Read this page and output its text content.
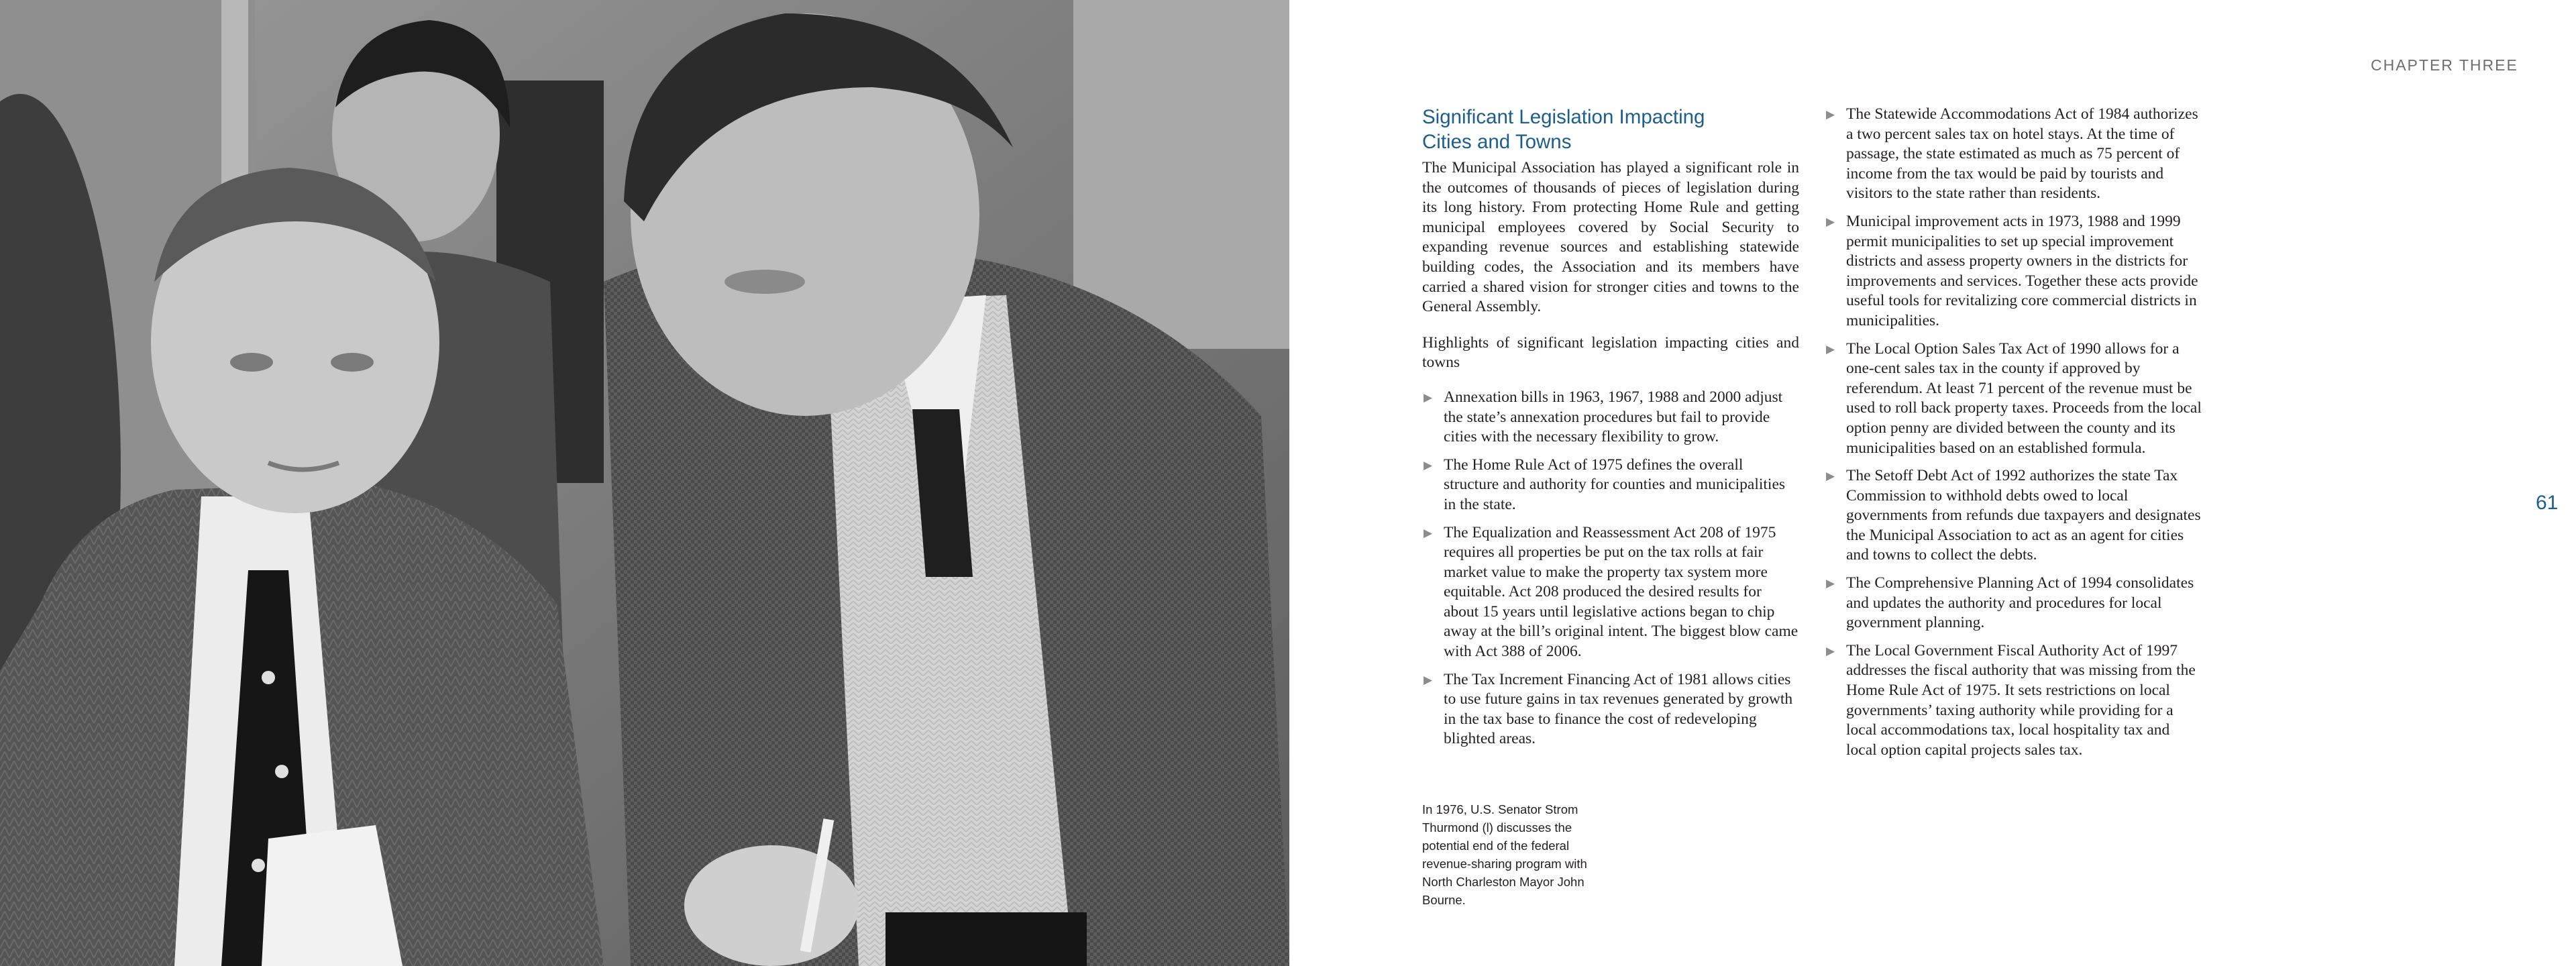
CHAPTER THREE
61
Significant Legislation Impacting Cities and Towns

The Municipal Association has played a significant role in the outcomes of thousands of pieces of legislation during its long history. From protecting Home Rule and getting municipal employees covered by Social Security to expanding revenue sources and establishing statewide building codes, the Association and its members have carried a shared vision for stronger cities and towns to the General Assembly.

Highlights of significant legislation impacting cities and towns

▶ Annexation bills in 1963, 1967, 1988 and 2000 adjust the state’s annexation procedures but fail to provide cities with the necessary flexibility to grow.
▶ The Home Rule Act of 1975 defines the overall structure and authority for counties and municipalities in the state.
▶ The Equalization and Reassessment Act 208 of 1975 requires all properties be put on the tax rolls at fair market value to make the property tax system more equitable. Act 208 produced the desired results for about 15 years until legislative actions began to chip away at the bill’s original intent. The biggest blow came with Act 388 of 2006.
▶ The Tax Increment Financing Act of 1981 allows cities to use future gains in tax revenues generated by growth in the tax base to finance the cost of redeveloping blighted areas.
▶ The Statewide Accommodations Act of 1984 authorizes a two percent sales tax on hotel stays. At the time of passage, the state estimated as much as 75 percent of income from the tax would be paid by tourists and visitors to the state rather than residents.
▶ Municipal improvement acts in 1973, 1988 and 1999 permit municipalities to set up special improvement districts and assess property owners in the districts for improvements and services. Together these acts provide useful tools for revitalizing core commercial districts in municipalities.
▶ The Local Option Sales Tax Act of 1990 allows for a one-cent sales tax in the county if approved by referendum. At least 71 percent of the revenue must be used to roll back property taxes. Proceeds from the local option penny are divided between the county and its municipalities based on an established formula.
▶ The Setoff Debt Act of 1992 authorizes the state Tax Commission to withhold debts owed to local governments from refunds due taxpayers and designates the Municipal Association to act as an agent for cities and towns to collect the debts.
▶ The Comprehensive Planning Act of 1994 consolidates and updates the authority and procedures for local government planning.
▶ The Local Government Fiscal Authority Act of 1997 addresses the fiscal authority that was missing from the Home Rule Act of 1975. It sets restrictions on local governments’ taxing authority while providing for a local accommodations tax, local hospitality tax and local option capital projects sales tax.
In 1976, U.S. Senator Strom Thurmond (l) discusses the potential end of the federal revenue-sharing program with North Charleston Mayor John Bourne.
